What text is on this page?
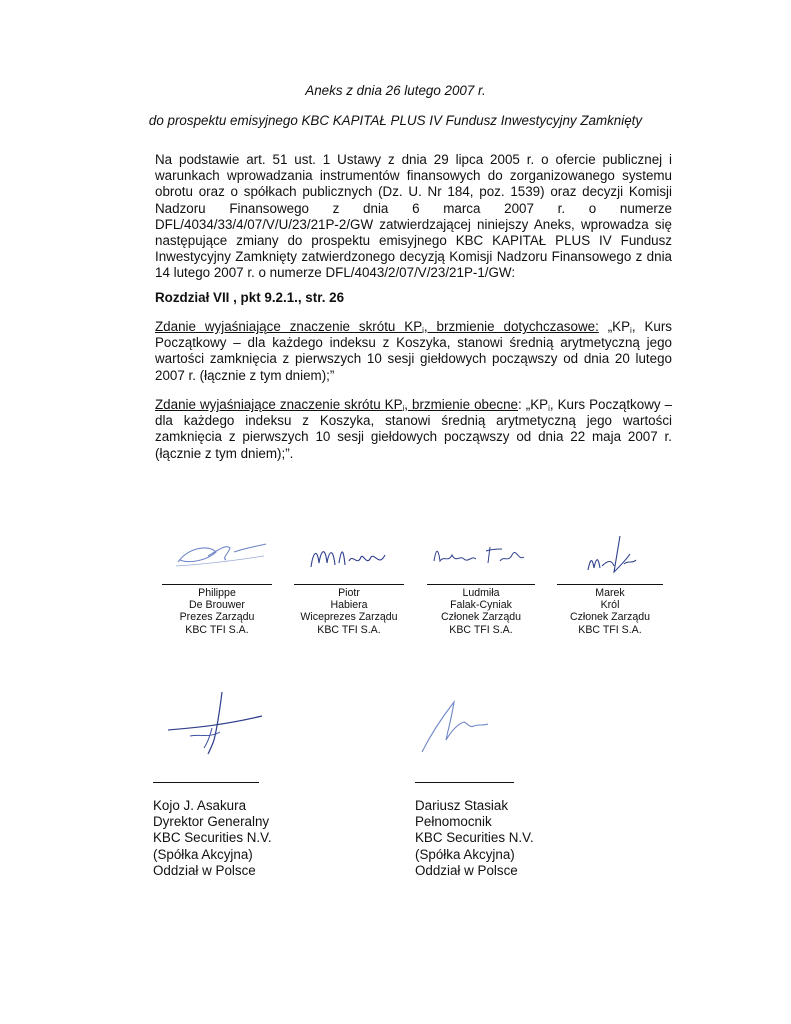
Aneks z dnia 26 lutego 2007 r.
do prospektu emisyjnego KBC KAPITAŁ PLUS IV Fundusz Inwestycyjny Zamknięty
Na podstawie art. 51 ust. 1 Ustawy z dnia 29 lipca 2005 r. o ofercie publicznej i warunkach wprowadzania instrumentów finansowych do zorganizowanego systemu obrotu oraz o spółkach publicznych (Dz. U. Nr 184, poz. 1539) oraz decyzji Komisji Nadzoru Finansowego z dnia 6 marca 2007 r. o numerze DFL/4034/33/4/07/V/U/23/21P-2/GW zatwierdzającej niniejszy Aneks, wprowadza się następujące zmiany do prospektu emisyjnego KBC KAPITAŁ PLUS IV Fundusz Inwestycyjny Zamknięty zatwierdzonego decyzją Komisji Nadzoru Finansowego z dnia 14 lutego 2007 r. o numerze DFL/4043/2/07/V/23/21P-1/GW:
Rozdział VII , pkt 9.2.1., str. 26
Zdanie wyjaśniające znaczenie skrótu $KP_i$, brzmienie dotychczasowe: $„KP_i$, Kurs Początkowy – dla każdego indeksu z Koszyka, stanowi średnią arytmetyczną jego wartości zamknięcia z pierwszych 10 sesji giełdowych począwszy od dnia 20 lutego 2007 r. (łącznie z tym dniem);”
Zdanie wyjaśniające znaczenie skrótu $KP_i$, brzmienie obecne: $„KP_i$, Kurs Początkowy – dla każdego indeksu z Koszyka, stanowi średnią arytmetyczną jego wartości zamknięcia z pierwszych 10 sesji giełdowych począwszy od dnia 22 maja 2007 r. (łącznie z tym dniem);”.
Philippe
De Brouwer
Prezes Zarządu
KBC TFI S.A.
Piotr
Habiera
Wiceprezes Zarządu
KBC TFI S.A.
Ludmiła
Falak-Cyniak
Członek Zarządu
KBC TFI S.A.
Marek
Król
Członek Zarządu
KBC TFI S.A.
Kojo J. Asakura
Dyrektor Generalny
KBC Securities N.V.
(Spółka Akcyjna)
Oddział w Polsce
Dariusz Stasiak
Pełnomocnik
KBC Securities N.V.
(Spółka Akcyjna)
Oddział w Polsce
